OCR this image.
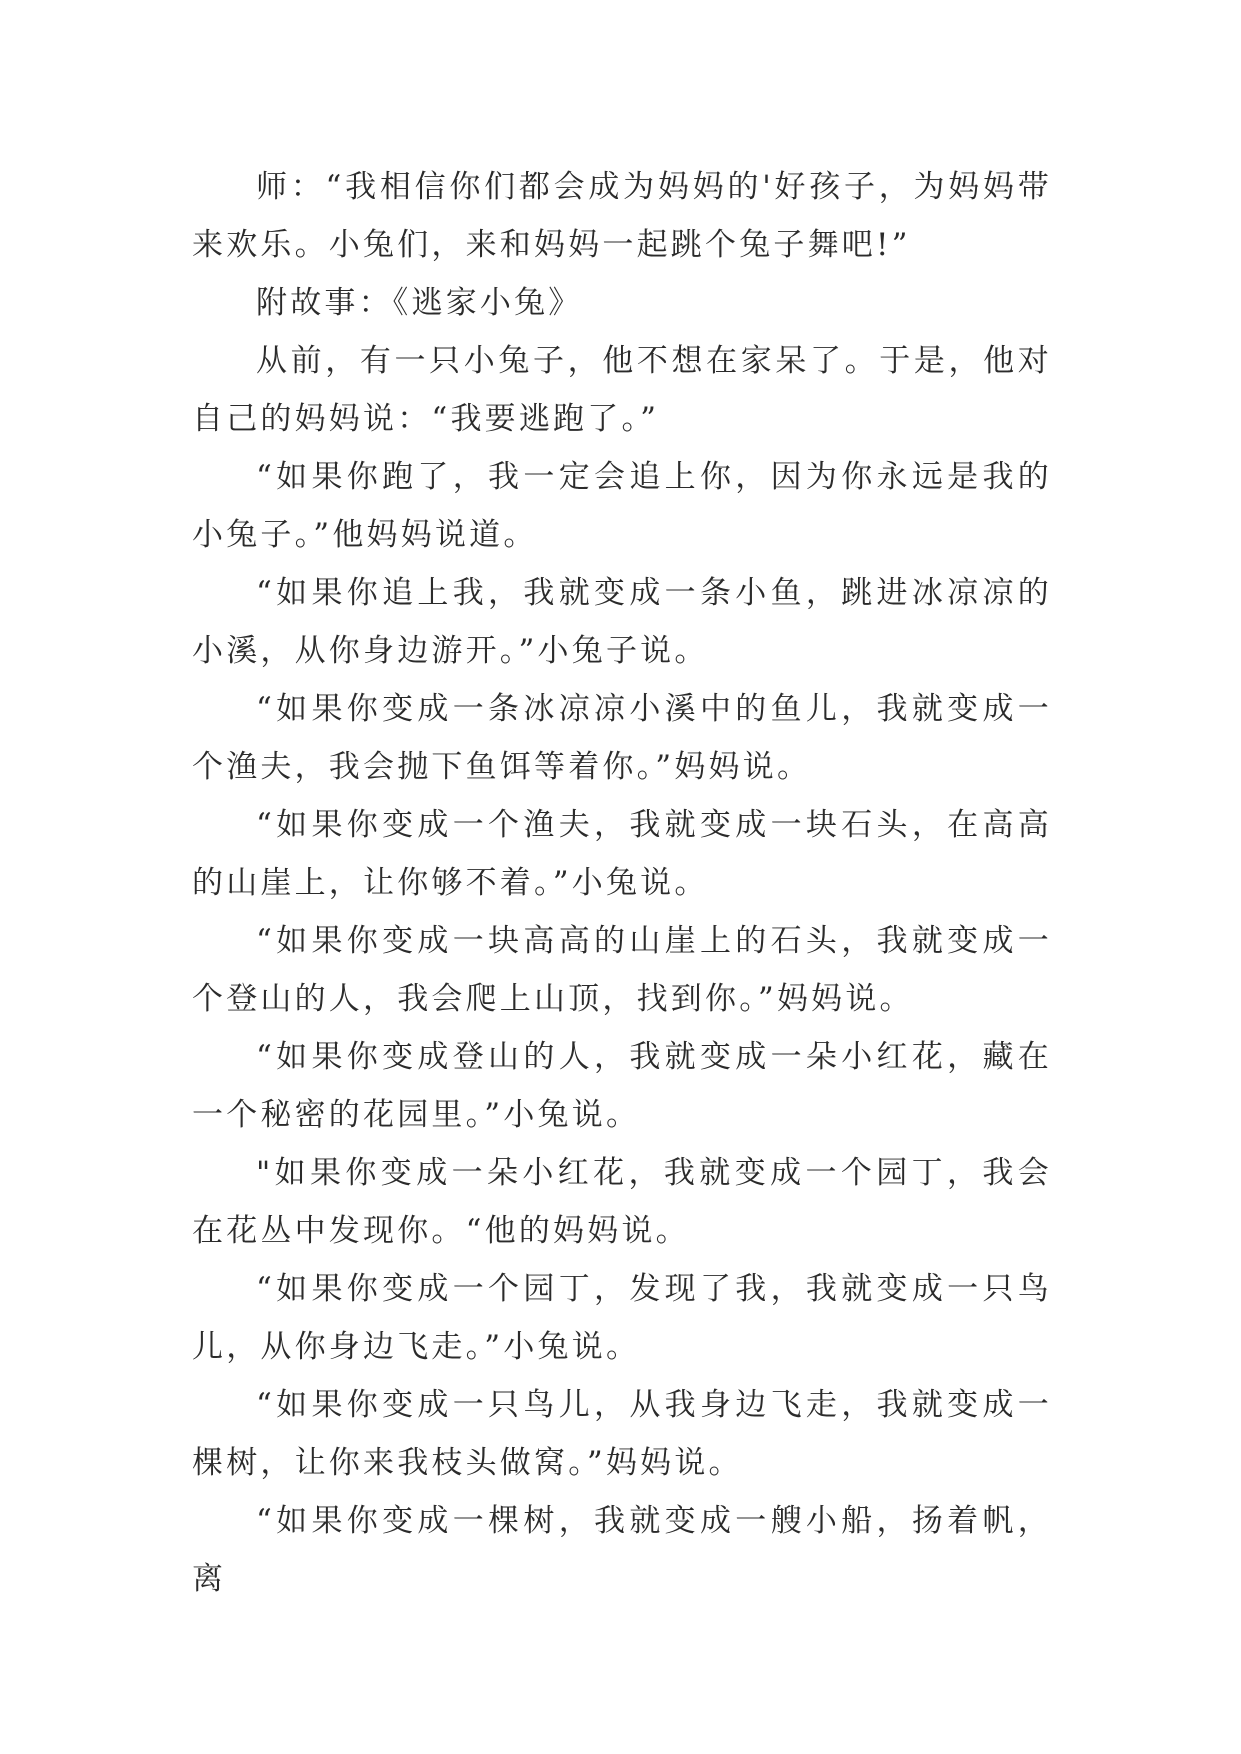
师：“我相信你们都会成为妈妈的'好孩子，为妈妈带来欢乐。小兔们，来和妈妈一起跳个兔子舞吧!”

附故事：《逃家小兔》

从前，有一只小兔子，他不想在家呆了。于是，他对自己的妈妈说：“我要逃跑了。”

“如果你跑了，我一定会追上你，因为你永远是我的小兔子。”他妈妈说道。

“如果你追上我，我就变成一条小鱼，跳进冰凉凉的小溪，从你身边游开。”小兔子说。

“如果你变成一条冰凉凉小溪中的鱼儿，我就变成一个渔夫，我会抛下鱼饵等着你。”妈妈说。

“如果你变成一个渔夫，我就变成一块石头，在高高的山崖上，让你够不着。”小兔说。

“如果你变成一块高高的山崖上的石头，我就变成一个登山的人，我会爬上山顶，找到你。”妈妈说。

“如果你变成登山的人，我就变成一朵小红花，藏在一个秘密的花园里。”小兔说。

"如果你变成一朵小红花，我就变成一个园丁，我会在花丛中发现你。“他的妈妈说。

“如果你变成一个园丁，发现了我，我就变成一只鸟儿，从你身边飞走。”小兔说。

“如果你变成一只鸟儿，从我身边飞走，我就变成一棵树，让你来我枝头做窝。”妈妈说。

“如果你变成一棵树，我就变成一艘小船，扬着帆，离
